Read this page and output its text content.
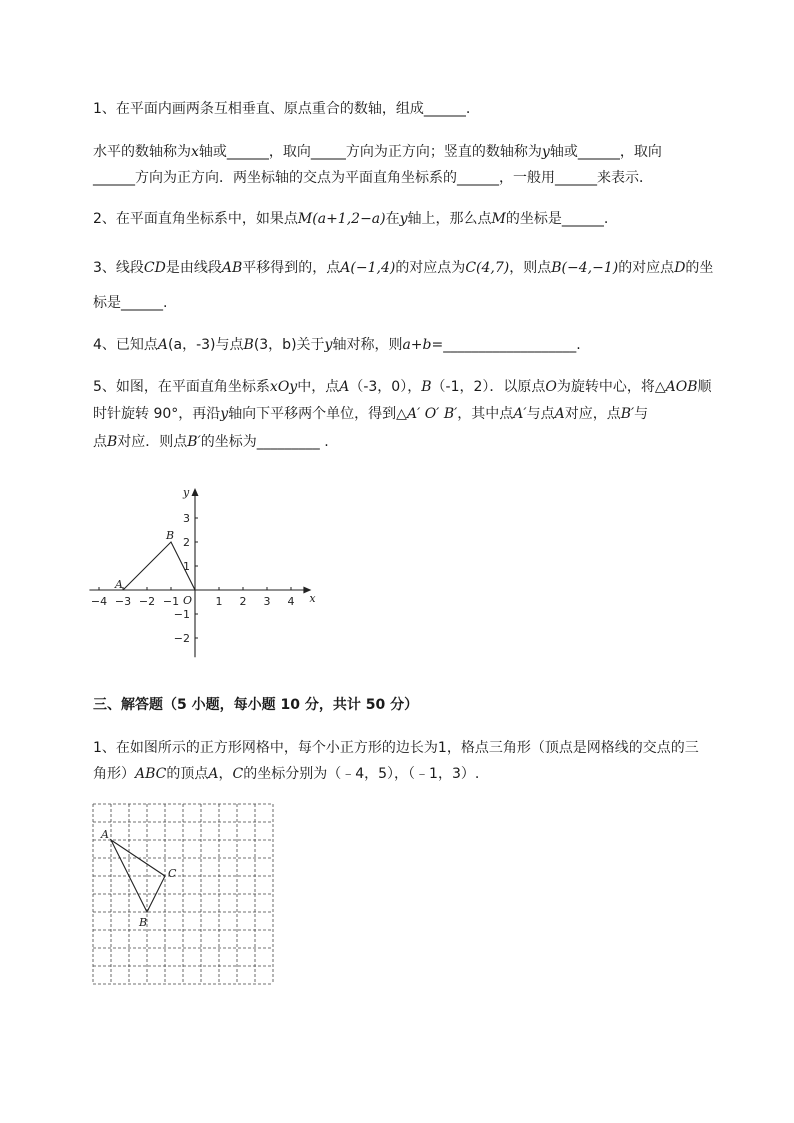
1、在平面内画两条互相垂直、原点重合的数轴，组成______.
水平的数轴称为x轴或______，取向_____方向为正方向；竖直的数轴称为y轴或______，取向
______方向为正方向．两坐标轴的交点为平面直角坐标系的______，一般用______来表示．
2、在平面直角坐标系中，如果点M(a+1,2−a)在y轴上，那么点M的坐标是______.
3、线段CD是由线段AB平移得到的，点A(−1,4)的对应点为C(4,7)，则点B(−4,−1)的对应点D的坐
标是______.
4、已知点A(a，-3)与点B(3，b)关于y轴对称，则a+b=___________________.
5、如图，在平面直角坐标系xOy中，点A（-3，0），B（-1，2）．以原点O为旋转中心，将△AOB顺
时针旋转 90°，再沿y轴向下平移两个单位，得到△A′ O′ B′，其中点A′与点A对应，点B′与
点B对应．则点B′的坐标为_________ .
x
y
−4 −3 −2 −1	1 2 3 4
3
2
1
−1
−2
A
B
O
三、解答题（5 小题，每小题 10 分，共计 50 分）
1、在如图所示的正方形网格中，每个小正方形的边长为1，格点三角形（顶点是网格线的交点的三
角形）ABC的顶点A，C的坐标分别为（﹣4，5），（﹣1，3）.
A
B
C
